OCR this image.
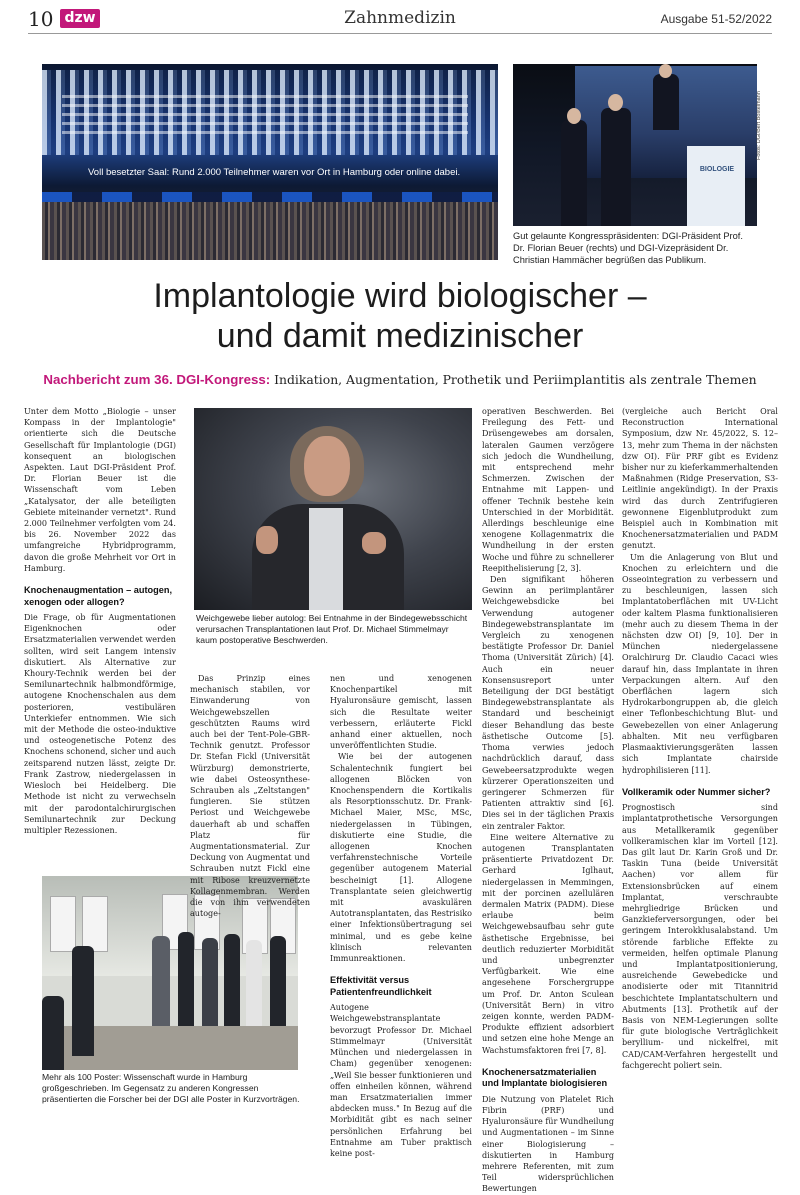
10 dzw	Zahnmedizin	Ausgabe 51-52/2022
Voll besetzter Saal: Rund 2.000 Teilnehmer waren vor Ort in Hamburg oder online dabei.	BIOLOGIE
Fotos: DGI/Bert Bostelmann
Gut gelaunte Kongresspräsidenten: DGI-Präsident Prof. Dr. Florian Beuer (rechts) und DGI-Vizepräsident Dr. Christian Hammächer begrüßen das Publikum.
Implantologie wird biologischer –
und damit medizinischer
Nachbericht zum 36. DGI-Kongress: Indikation, Augmentation, Prothetik und Periimplantitis als zentrale Themen
Weichgewebe lieber autolog: Bei Entnahme in der Bindegewebsschicht verursachen Transplantationen laut Prof. Dr. Michael Stimmelmayr kaum postoperative Beschwerden.
Mehr als 100 Poster: Wissenschaft wurde in Hamburg großgeschrieben. Im Gegensatz zu anderen Kongressen präsentierten die Forscher bei der DGI alle Poster in Kurzvorträgen.

Unter dem Motto „Biologie – unser Kompass in der Implantologie" orientierte sich die Deutsche Gesellschaft für Implantologie (DGI) konsequent an biologischen Aspekten. Laut DGI-Präsident Prof. Dr. Florian Beuer ist die Wissenschaft vom Leben „Katalysator, der alle beteiligten Gebiete miteinander vernetzt". Rund 2.000 Teilnehmer verfolgten vom 24. bis 26. November 2022 das umfangreiche Hybridprogramm, davon die große Mehrheit vor Ort in Hamburg.

Knochenaugmentation – autogen, xenogen oder allogen?

Die Frage, ob für Augmentationen Eigenknochen oder Ersatzmaterialien verwendet werden sollten, wird seit Langem intensiv diskutiert. Als Alternative zur Khoury-Technik werden bei der Semilunartechnik halbmondförmige, autogene Knochenschalen aus dem posterioren, vestibulären Unterkiefer entnommen. Wie sich mit der Methode die osteo-induktive und osteogenetische Potenz des Knochens schonend, sicher und auch zeitsparend nutzen lässt, zeigte Dr. Frank Zastrow, niedergelassen in Wiesloch bei Heidelberg. Die Methode ist nicht zu verwechseln mit der parodontalchirurgischen Semilunartechnik zur Deckung multipler Rezessionen.

Das Prinzip eines mechanisch stabilen, vor Einwanderung von Weichgewebszellen geschützten Raums wird auch bei der Tent-Pole-GBR-Technik genutzt. Professor Dr. Stefan Fickl (Universität Würzburg) demonstrierte, wie dabei Osteosynthese-Schrauben als „Zeltstangen" fungieren. Sie stützen Periost und Weichgewebe dauerhaft ab und schaffen Platz für Augmentationsmaterial. Zur Deckung von Augmentat und Schrauben nutzt Fickl eine mit Ribose kreuzvernetzte Kollagenmembran. Werden die von ihm verwendeten autoge-

nen und xenogenen Knochenpartikel mit Hyaluronsäure gemischt, lassen sich die Resultate weiter verbessern, erläuterte Fickl anhand einer aktuellen, noch unveröffentlichten Studie.

Wie bei der autogenen Schalentechnik fungiert bei allogenen Blöcken von Knochenspendern die Kortikalis als Resorptionsschutz. Dr. Frank-Michael Maier, MSc, MSc, niedergelassen in Tübingen, diskutierte eine Studie, die allogenen Knochen verfahrenstechnische Vorteile gegenüber autogenem Material bescheinigt [1]. Allogene Transplantate seien gleichwertig mit avaskulären Autotransplantaten, das Restrisiko einer Infektionsübertragung sei minimal, und es gebe keine klinisch relevanten Immunreaktionen.

Effektivität versus Patientenfreundlichkeit

Autogene Weichgewebstransplantate bevorzugt Professor Dr. Michael Stimmelmayr (Universität München und niedergelassen in Cham) gegenüber xenogenen: „Weil Sie besser funktionieren und offen einheilen können, während man Ersatzmaterialien immer abdecken muss." In Bezug auf die Morbidität gibt es nach seiner persönlichen Erfahrung bei Entnahme am Tuber praktisch keine post-

operativen Beschwerden. Bei Freilegung des Fett- und Drüsengewebes am dorsalen, lateralen Gaumen verzögere sich jedoch die Wundheilung, mit entsprechend mehr Schmerzen. Zwischen der Entnahme mit Lappen- und offener Technik bestehe kein Unterschied in der Morbidität. Allerdings beschleunige eine xenogene Kollagenmatrix die Wundheilung in der ersten Woche und führe zu schnellerer Reepithelisierung [2, 3].

Den signifikant höheren Gewinn an periimplantärer Weichgewebsdicke bei Verwendung autogener Bindegewebstransplantate im Vergleich zu xenogenen bestätigte Professor Dr. Daniel Thoma (Universität Zürich) [4]. Auch ein neuer Konsensusreport unter Beteiligung der DGI bestätigt Bindegewebstransplantate als Standard und bescheinigt dieser Behandlung das beste ästhetische Outcome [5]. Thoma verwies jedoch nachdrücklich darauf, dass Gewebeersatzprodukte wegen kürzerer Operationszeiten und geringerer Schmerzen für Patienten attraktiv sind [6]. Dies sei in der täglichen Praxis ein zentraler Faktor.

Eine weitere Alternative zu autogenen Transplantaten präsentierte Privatdozent Dr. Gerhard Iglhaut, niedergelassen in Memmingen, mit der porcinen azellulären dermalen Matrix (PADM). Diese erlaube beim Weichgewebsaufbau sehr gute ästhetische Ergebnisse, bei deutlich reduzierter Morbidität und unbegrenzter Verfügbarkeit. Wie eine angesehene Forschergruppe um Prof. Dr. Anton Sculean (Universität Bern) in vitro zeigen konnte, werden PADM-Produkte effizient adsorbiert und setzen eine hohe Menge an Wachstumsfaktoren frei [7, 8].

Knochenersatzmaterialien und Implantate biologisieren

Die Nutzung von Platelet Rich Fibrin (PRF) und Hyaluronsäure für Wundheilung und Augmentationen – im Sinne einer Biologisierung – diskutierten in Hamburg mehrere Referenten, mit zum Teil widersprüchlichen Bewertungen

(vergleiche auch Bericht Oral Reconstruction International Symposium, dzw Nr. 45/2022, S. 12–13, mehr zum Thema in der nächsten dzw OI). Für PRF gibt es Evidenz bisher nur zu kieferkammerhaltenden Maßnahmen (Ridge Preservation, S3-Leitlinie angekündigt). In der Praxis wird das durch Zentrifugieren gewonnene Eigenblutprodukt zum Beispiel auch in Kombination mit Knochenersatzmaterialien und PADM genutzt.

Um die Anlagerung von Blut und Knochen zu erleichtern und die Osseointegration zu verbessern und zu beschleunigen, lassen sich Implantatoberflächen mit UV-Licht oder kaltem Plasma funktionalisieren (mehr auch zu diesem Thema in der nächsten dzw OI) [9, 10]. Der in München niedergelassene Oralchirurg Dr. Claudio Cacaci wies darauf hin, dass Implantate in ihren Verpackungen altern. Auf den Oberflächen lagern sich Hydrokarbongruppen ab, die gleich einer Teflonbeschichtung Blut- und Gewebezellen von einer Anlagerung abhalten. Mit neu verfügbaren Plasmaaktivierungsgeräten lassen sich Implantate chairside hydrophilisieren [11].

Vollkeramik oder Nummer sicher?

Prognostisch sind implantatprothetische Versorgungen aus Metallkeramik gegenüber vollkeramischen klar im Vorteil [12]. Das gilt laut Dr. Karin Groß und Dr. Taskin Tuna (beide Universität Aachen) vor allem für Extensionsbrücken auf einem Implantat, verschraubte mehrgliedrige Brücken und Ganzkieferversorgungen, oder bei geringem Interokklusalabstand. Um störende farbliche Effekte zu vermeiden, helfen optimale Planung und Implantatpositionierung, ausreichende Gewebedicke und anodisierte oder mit Titannitrid beschichtete Implantatschultern und Abutments [13]. Prothetik auf der Basis von NEM-Legierungen sollte für gute biologische Verträglichkeit beryllium- und nickelfrei, mit CAD/CAM-Verfahren hergestellt und fachgerecht poliert sein.
